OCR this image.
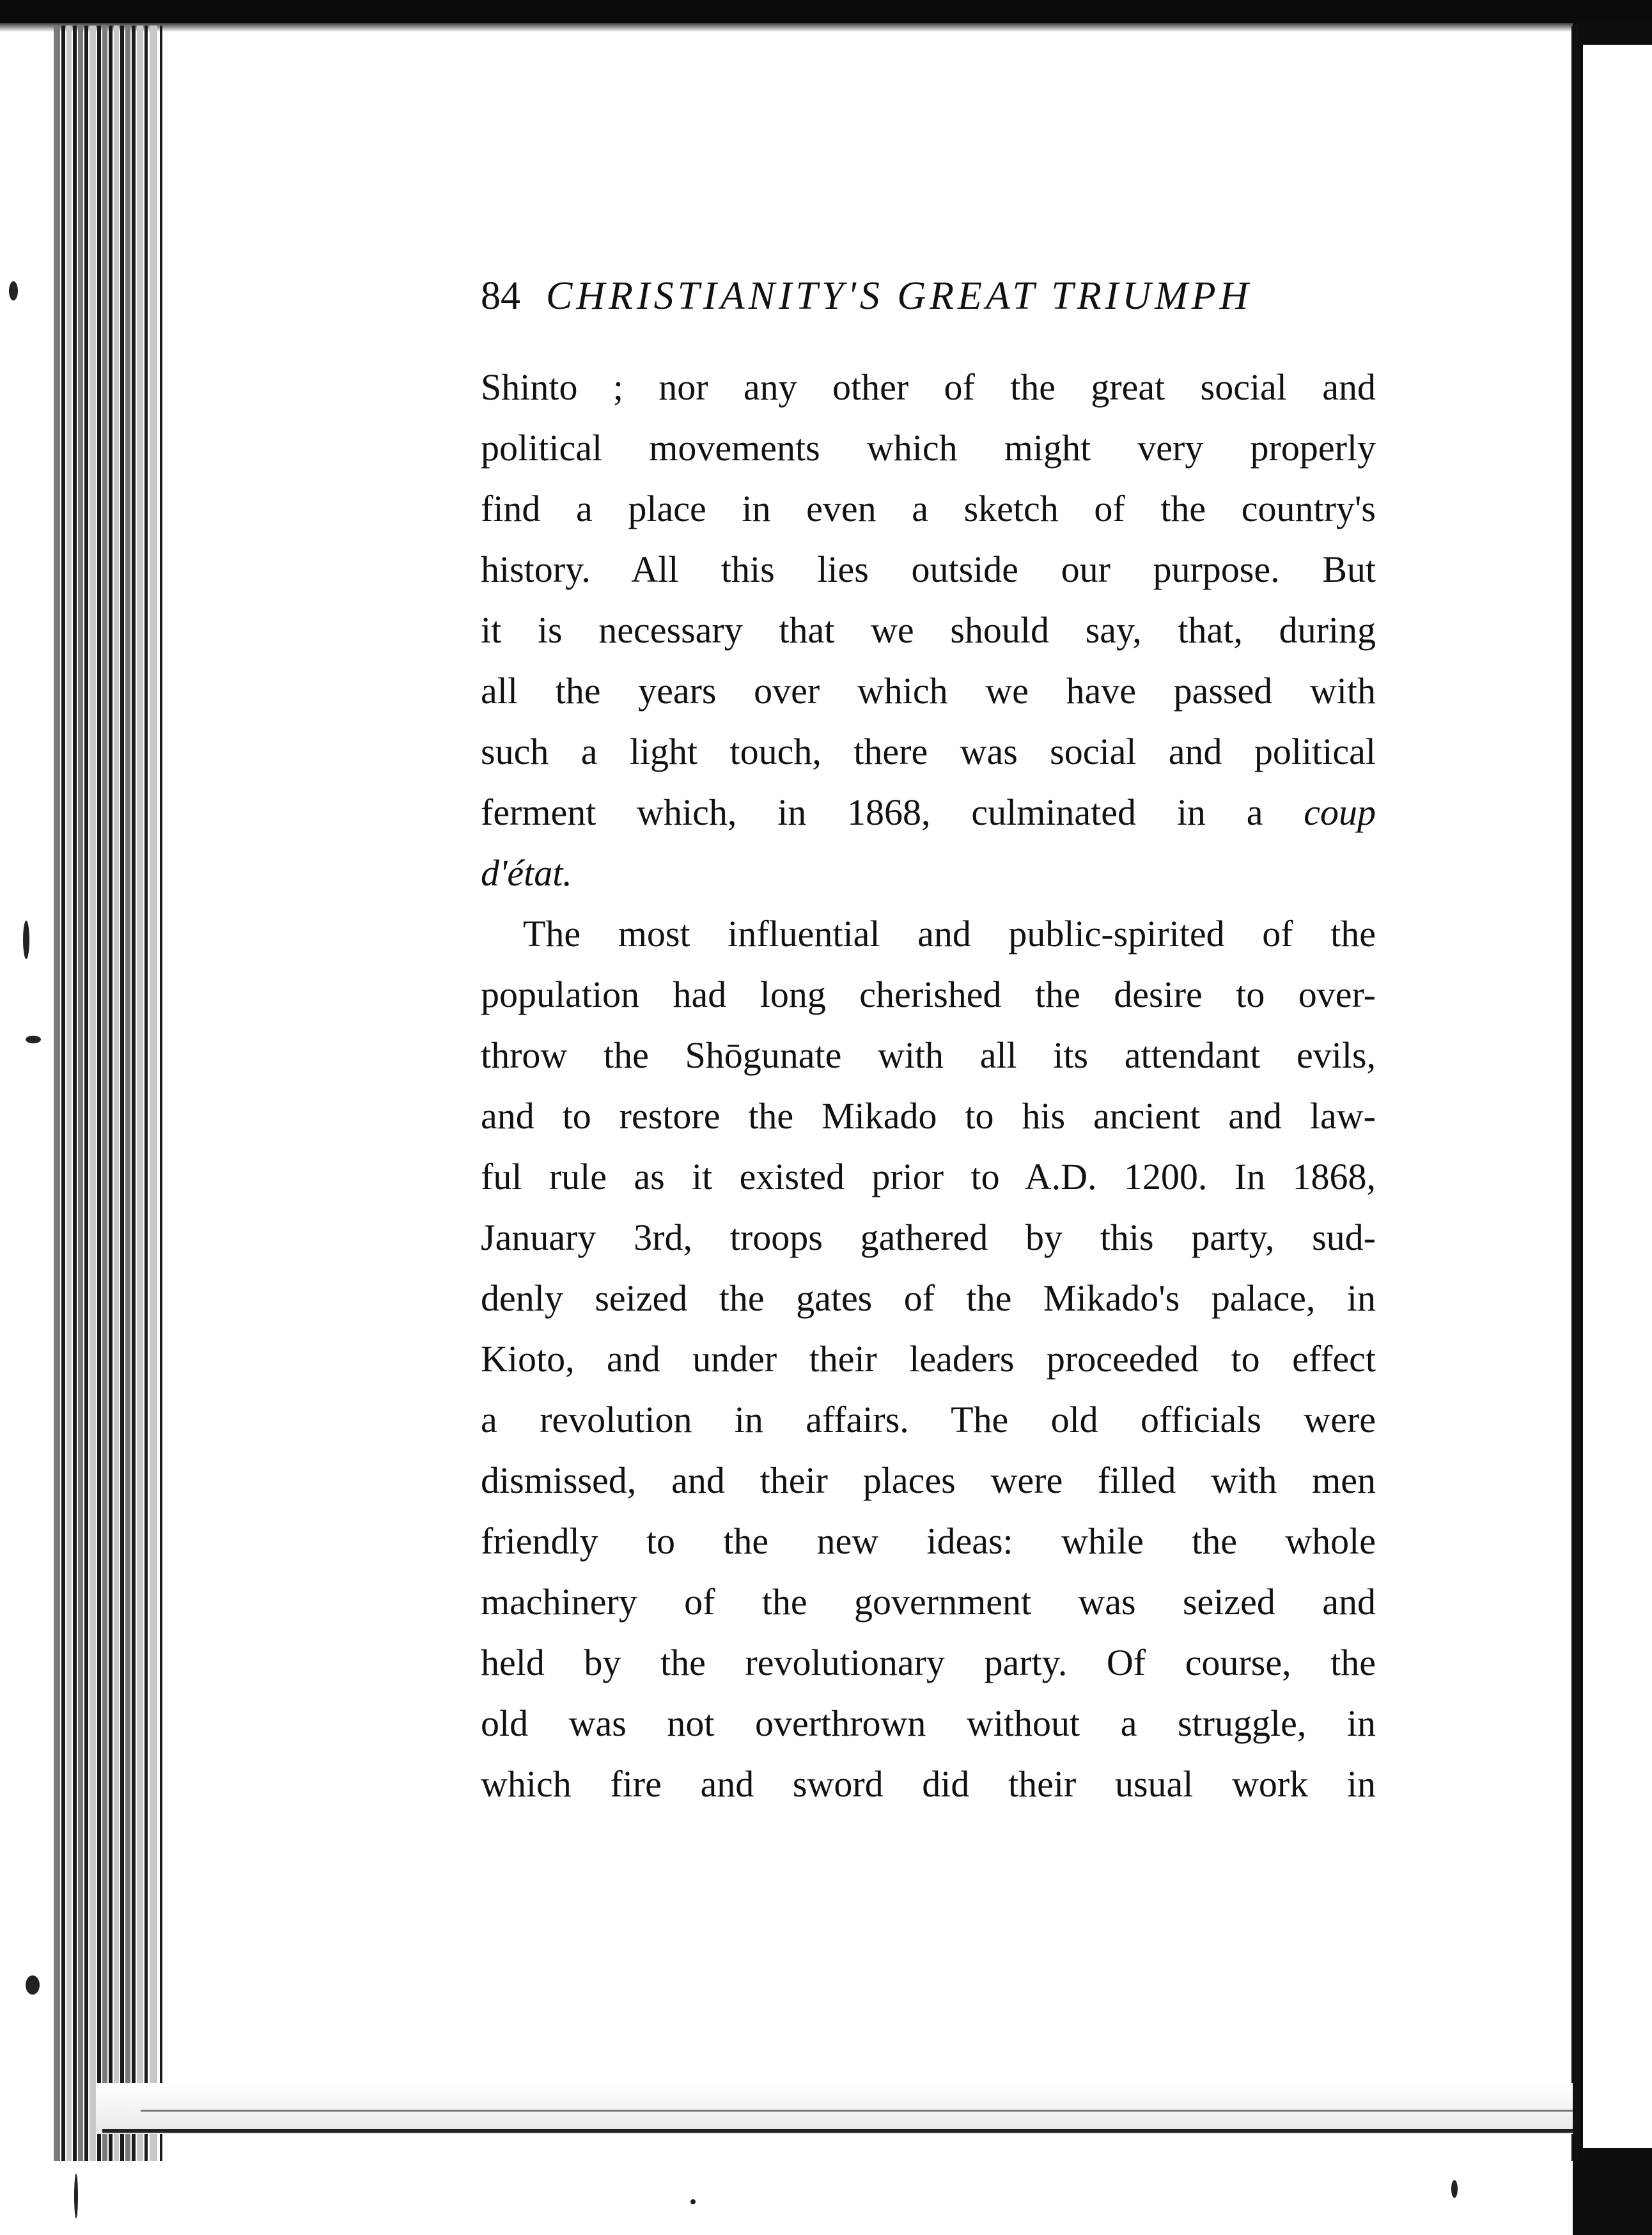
84 CHRISTIANITY'S GREAT TRIUMPH
Shinto ; nor any other of the great social and
political movements which might very properly
find a place in even a sketch of the country's
history. All this lies outside our purpose. But
it is necessary that we should say, that, during
all the years over which we have passed with
such a light touch, there was social and political
ferment which, in 1868, culminated in a coup
d'état.
The most influential and public-spirited of the
population had long cherished the desire to over-
throw the Shōgunate with all its attendant evils,
and to restore the Mikado to his ancient and law-
ful rule as it existed prior to A.D. 1200. In 1868,
January 3rd, troops gathered by this party, sud-
denly seized the gates of the Mikado's palace, in
Kioto, and under their leaders proceeded to effect
a revolution in affairs. The old officials were
dismissed, and their places were filled with men
friendly to the new ideas: while the whole
machinery of the government was seized and
held by the revolutionary party. Of course, the
old was not overthrown without a struggle, in
which fire and sword did their usual work in
